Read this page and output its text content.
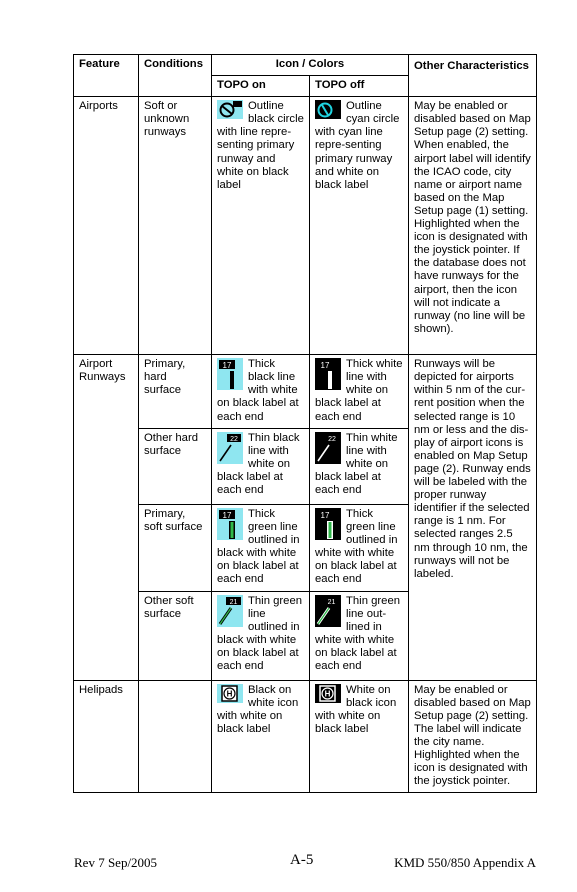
Feature	Conditions	Icon / Colors		Other Characteristics
		TOPO on	TOPO off	
Airports	Soft or unknown runways	Outline black circle with line repre-senting primary runway and white on black label	Outline cyan circle with cyan line repre-senting primary runway and white on black label	May be enabled or disabled based on Map Setup page (2) setting. When enabled, the airport label will identify the ICAO code, city name or airport name based on the Map Setup page (1) setting. Highlighted when the icon is designated with the joystick pointer. If the database does not have runways for the airport, then the icon will not indicate a runway (no line will be shown).
Airport Runways	Primary, hard surface	17 Thick black line with white on black label at each end	17 Thick white line with white on black label at each end	Runways will be depicted for airports within 5 nm of the cur-rent position when the selected range is 10 nm or less and the dis-play of airport icons is enabled on Map Setup page (2). Runway ends will be labeled with the proper runway identifier if the selected range is 1 nm. For selected ranges 2.5 nm through 10 nm, the runways will not be labeled.
	Other hard surface	22 Thin black line with white on black label at each end	22 Thin white line with white on black label at each end	
	Primary, soft surface	17 Thick green line outlined in black with white on black label at each end	17 Thick green line outlined in white with white on black label at each end	
	Other soft surface	21 Thin green line outlined in black with white on black label at each end	21 Thin green line out-lined in white with white on black label at each end	
Helipads		H Black on white icon with white on black label	H White on black icon with white on black label	May be enabled or disabled based on Map Setup page (2) setting. The label will indicate the city name. Highlighted when the icon is designated with the joystick pointer.
Rev 7 Sep/2005	A-5	KMD 550/850 Appendix A
